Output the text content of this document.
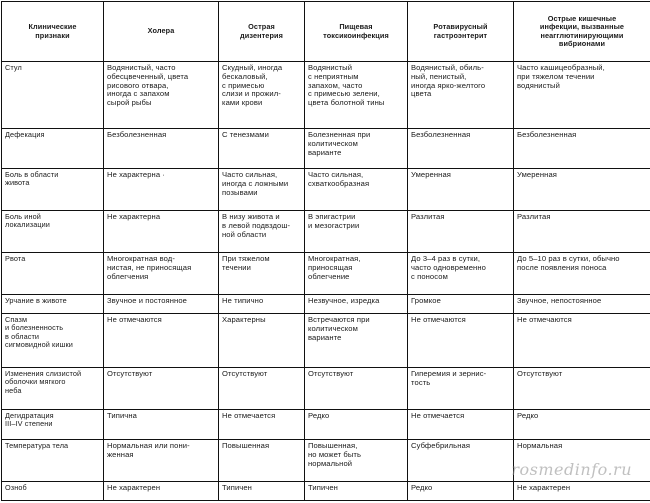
Клинические
признаки	Холера	Острая
дизентерия	Пищевая
токсикоинфекция	Ротавирусный
гастроэнтерит	Острые кишечные
инфекции, вызванные
неагглютинирующими
вибрионами
Стул	Водянистый, часто
обесцвеченный, цвета
рисового отвара,
иногда с запахом
сырой рыбы	Скудный, иногда
бескаловый,
с примесью
слизи и прожил-
ками крови	Водянистый
с неприятным
запахом, часто
с примесью зелени,
цвета болотной тины	Водянистый, обиль-
ный, пенистый,
иногда ярко-желтого
цвета	Часто кашицеобразный,
при тяжелом течении
водянистый
Дефекация	Безболезненная	С тенезмами	Болезненная при
колитическом
варианте	Безболезненная	Безболезненная
Боль в области
живота	Не характерна ·	Часто сильная,
иногда с ложными
позывами	Часто сильная,
схваткообразная	Умеренная	Умеренная
Боль иной
локализации	Не характерна	В низу живота и
в левой подвздош-
ной области	В эпигастрии
и мезогастрии	Разлитая	Разлитая
Рвота	Многократная вод-
нистая, не приносящая
облегчения	При тяжелом
течении	Многократная,
приносящая
облегчение	До 3–4 раз в сутки,
часто одновременно
с поносом	До 5–10 раз в сутки, обычно
после появления поноса
Урчание в животе	Звучное и постоянное	Не типично	Незвучное, изредка	Громкое	Звучное, непостоянное
Спазм
и болезненность
в области
сигмовидной кишки	Не отмечаются	Характерны	Встречаются при
колитическом
варианте	Не отмечаются	Не отмечаются
Изменения слизистой
оболочки мягкого
неба	Отсутствуют	Отсутствуют	Отсутствуют	Гиперемия и зернис-
тость	Отсутствуют
Дегидратация
III–IV степени	Типична	Не отмечается	Редко	Не отмечается	Редко
Температура тела	Нормальная или пони-
женная	Повышенная	Повышенная,
но может быть
нормальной	Субфебрильная	Нормальная
Озноб	Не характерен	Типичен	Типичен	Редко	Не характерен
rosmedinfo.ru
